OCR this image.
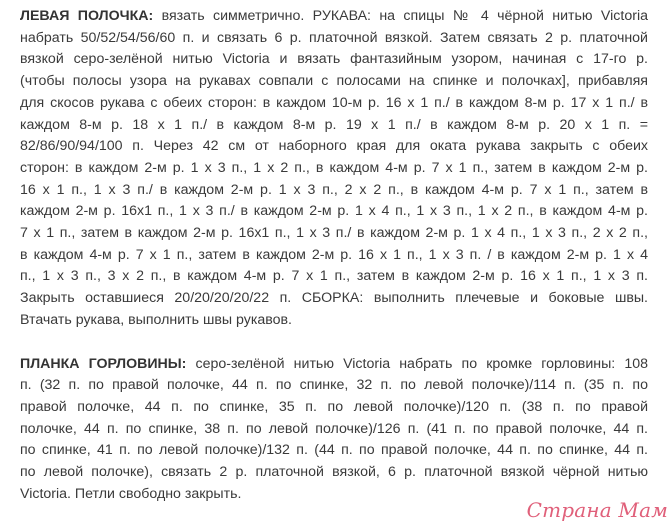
ЛЕВАЯ ПОЛОЧКА: вязать симметрично. РУКАВА: на спицы № 4 чёрной нитью Victoria
набрать 50/52/54/56/60 п. и связать 6 р. платочной вязкой. Затем связать 2 р. платочной
вязкой серо-зелёной нитью Victoria и вязать фантазийным узором, начиная с 17-го р.
(чтобы полосы узора на рукавах совпали с полосами на спинке и полочках], прибавляя
для скосов рукава с обеих сторон: в каждом 10-м р. 16 х 1 п./ в каждом 8-м р. 17 х 1 п./ в
каждом 8-м р. 18 х 1 п./ в каждом 8-м р. 19 х 1 п./ в каждом 8-м р. 20 х 1 п. =
82/86/90/94/100 п. Через 42 см от наборного края для оката рукава закрыть с обеих
сторон: в каждом 2-м р. 1 х 3 п., 1 х 2 п., в каждом 4-м р. 7 х 1 п., затем в каждом 2-м р.
16 х 1 п., 1 х 3 п./ в каждом 2-м р. 1 х 3 п., 2 х 2 п., в каждом 4-м р. 7 х 1 п., затем в
каждом 2-м р. 16х1 п., 1 х 3 п./ в каждом 2-м р. 1 х 4 п., 1 х 3 п., 1 х 2 п., в каждом 4-м р.
7 х 1 п., затем в каждом 2-м р. 16х1 п., 1 х 3 п./ в каждом 2-м р. 1 х 4 п., 1 х 3 п., 2 х 2 п.,
в каждом 4-м р. 7 х 1 п., затем в каждом 2-м р. 16 х 1 п., 1 х 3 п. / в каждом 2-м р. 1 х 4
п., 1 х 3 п., 3 х 2 п., в каждом 4-м р. 7 х 1 п., затем в каждом 2-м р. 16 х 1 п., 1 х 3 п.
Закрыть оставшиеся 20/20/20/20/22 п. СБОРКА: выполнить плечевые и боковые швы.
Втачать рукава, выполнить швы рукавов.
ПЛАНКА ГОРЛОВИНЫ: серо-зелёной нитью Victoria набрать по кромке горловины: 108
п. (32 п. по правой полочке, 44 п. по спинке, 32 п. по левой полочке)/114 п. (35 п. по
правой полочке, 44 п. по спинке, 35 п. по левой полочке)/120 п. (38 п. по правой
полочке, 44 п. по спинке, 38 п. по левой полочке)/126 п. (41 п. по правой полочке, 44 п.
по спинке, 41 п. по левой полочке)/132 п. (44 п. по правой полочке, 44 п. по спинке, 44 п.
по левой полочке), связать 2 р. платочной вязкой, 6 р. платочной вязкой чёрной нитью
Victoria. Петли свободно закрыть.
Страна Мам
